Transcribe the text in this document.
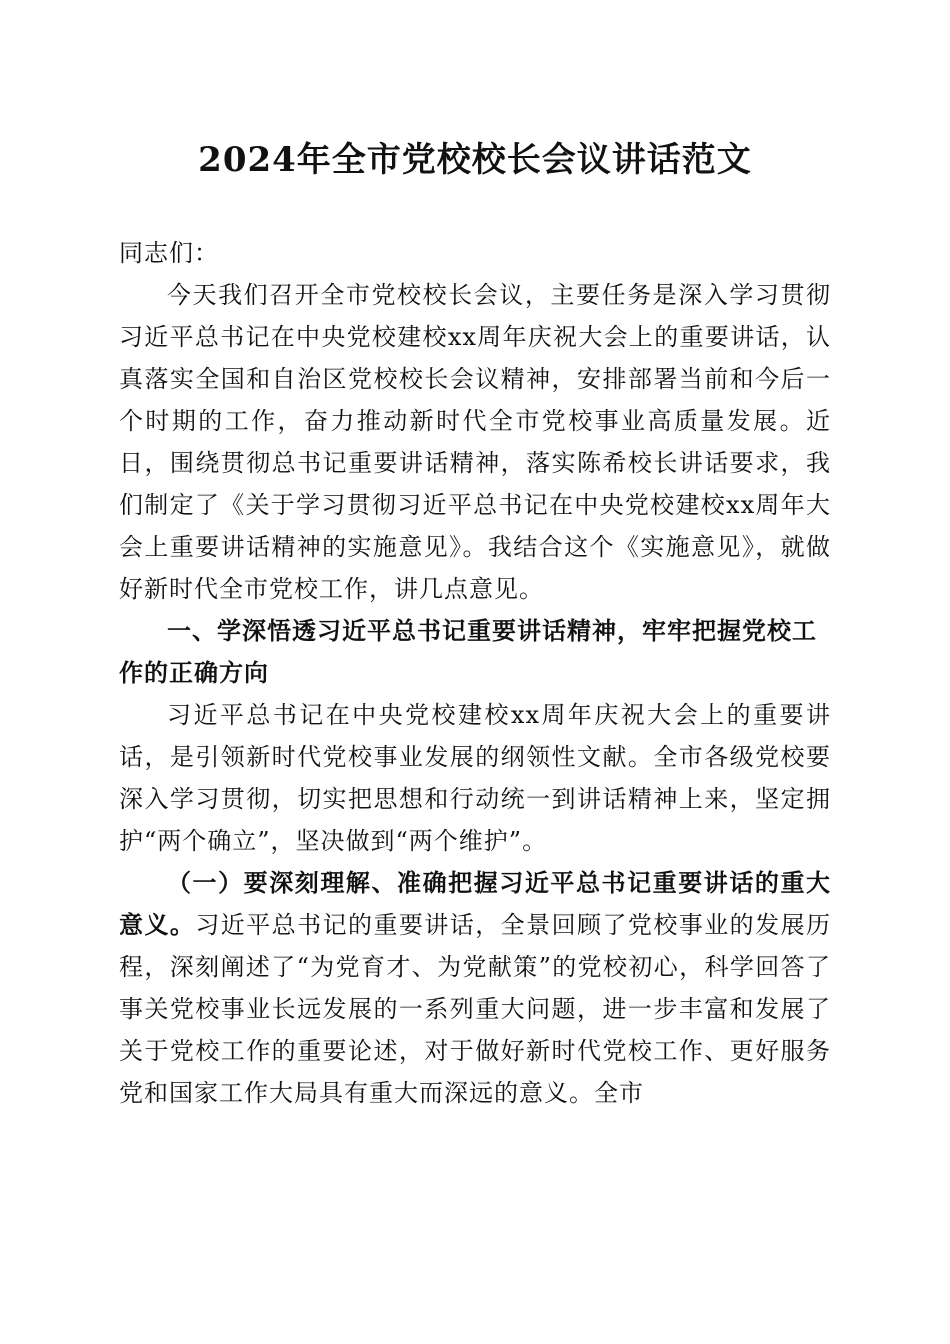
2024年全市党校校长会议讲话范文

同志们：

今天我们召开全市党校校长会议，主要任务是深入学习贯彻习近平总书记在中央党校建校xx周年庆祝大会上的重要讲话，认真落实全国和自治区党校校长会议精神，安排部署当前和今后一个时期的工作，奋力推动新时代全市党校事业高质量发展。近日，围绕贯彻总书记重要讲话精神，落实陈希校长讲话要求，我们制定了《关于学习贯彻习近平总书记在中央党校建校xx周年大会上重要讲话精神的实施意见》。我结合这个《实施意见》，就做好新时代全市党校工作，讲几点意见。

一、学深悟透习近平总书记重要讲话精神，牢牢把握党校工作的正确方向

习近平总书记在中央党校建校xx周年庆祝大会上的重要讲话，是引领新时代党校事业发展的纲领性文献。全市各级党校要深入学习贯彻，切实把思想和行动统一到讲话精神上来，坚定拥护“两个确立”，坚决做到“两个维护”。

（一）要深刻理解、准确把握习近平总书记重要讲话的重大意义。习近平总书记的重要讲话，全景回顾了党校事业的发展历程，深刻阐述了“为党育才、为党献策”的党校初心，科学回答了事关党校事业长远发展的一系列重大问题，进一步丰富和发展了关于党校工作的重要论述，对于做好新时代党校工作、更好服务党和国家工作大局具有重大而深远的意义。全市
